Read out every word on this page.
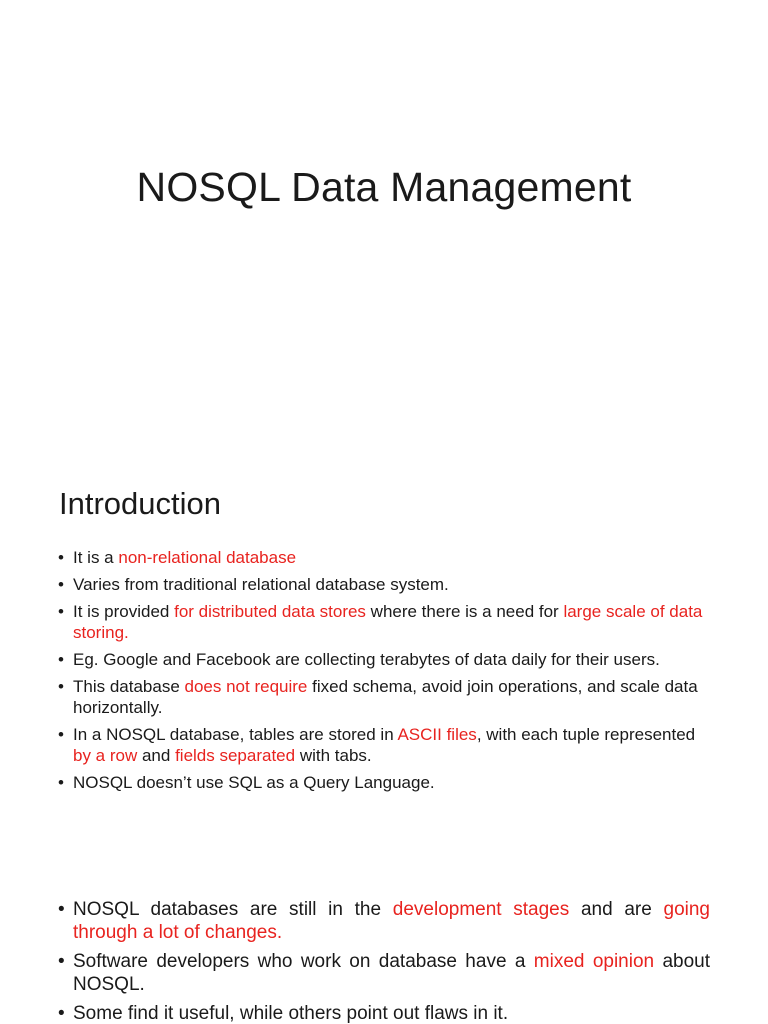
NOSQL Data Management
Introduction
• It is a non-relational database
• Varies from traditional relational database system.
• It is provided for distributed data stores where there is a need for large scale of data storing.
• Eg. Google and Facebook are collecting terabytes of data daily for their users.
• This database does not require fixed schema, avoid join operations, and scale data horizontally.
• In a NOSQL database, tables are stored in ASCII files, with each tuple represented by a row and fields separated with tabs.
• NOSQL doesn’t use SQL as a Query Language.
• NOSQL databases are still in the development stages and are going through a lot of changes.
• Software developers who work on database have a mixed opinion about NOSQL.
• Some find it useful, while others point out flaws in it.
